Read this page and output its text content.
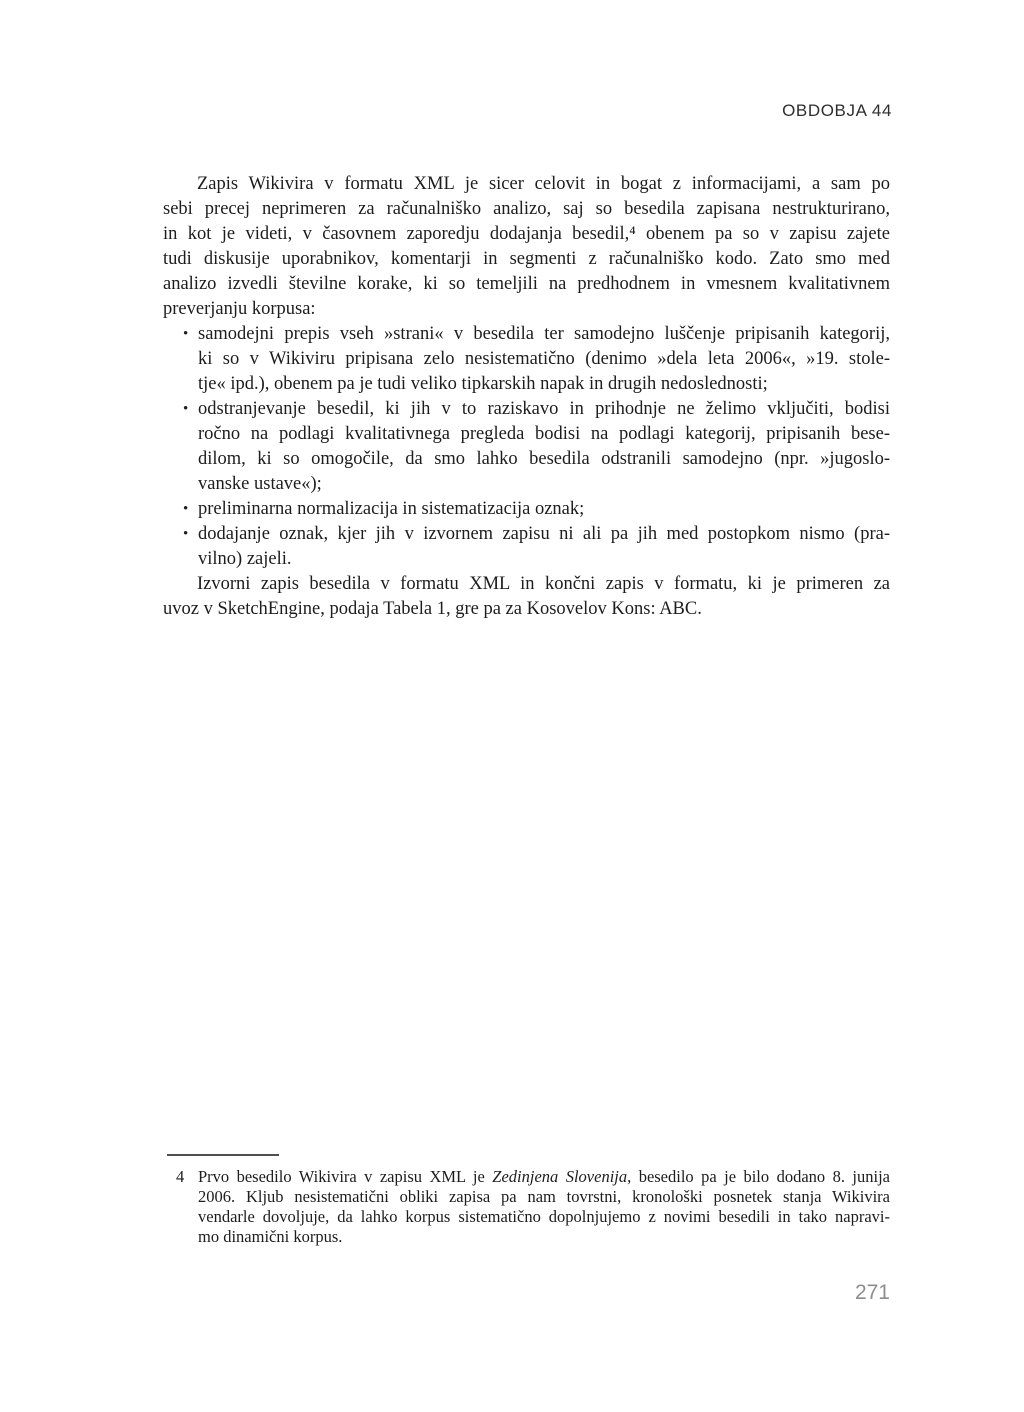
OBDOBJA 44
Zapis Wikivira v formatu XML je sicer celovit in bogat z informacijami, a sam po
sebi precej neprimeren za računalniško analizo, saj so besedila zapisana nestrukturirano,
in kot je videti, v časovnem zaporedju dodajanja besedil,⁴ obenem pa so v zapisu zajete
tudi diskusije uporabnikov, komentarji in segmenti z računalniško kodo. Zato smo med
analizo izvedli številne korake, ki so temeljili na predhodnem in vmesnem kvalitativnem
preverjanju korpusa:
• samodejni prepis vseh »strani« v besedila ter samodejno luščenje pripisanih kategorij,
ki so v Wikiviru pripisana zelo nesistematično (denimo »dela leta 2006«, »19. stole-
tje« ipd.), obenem pa je tudi veliko tipkarskih napak in drugih nedoslednosti;
• odstranjevanje besedil, ki jih v to raziskavo in prihodnje ne želimo vključiti, bodisi
ročno na podlagi kvalitativnega pregleda bodisi na podlagi kategorij, pripisanih bese-
dilom, ki so omogočile, da smo lahko besedila odstranili samodejno (npr. »jugoslo-
vanske ustave«);
• preliminarna normalizacija in sistematizacija oznak;
• dodajanje oznak, kjer jih v izvornem zapisu ni ali pa jih med postopkom nismo (pra-
vilno) zajeli.
Izvorni zapis besedila v formatu XML in končni zapis v formatu, ki je primeren za
uvoz v SketchEngine, podaja Tabela 1, gre pa za Kosovelov Kons: ABC.
4 Prvo besedilo Wikivira v zapisu XML je Zedinjena Slovenija, besedilo pa je bilo dodano 8. junija
2006. Kljub nesistematični obliki zapisa pa nam tovrstni, kronološki posnetek stanja Wikivira
vendarle dovoljuje, da lahko korpus sistematično dopolnjujemo z novimi besedili in tako napravi-
mo dinamični korpus.
271
